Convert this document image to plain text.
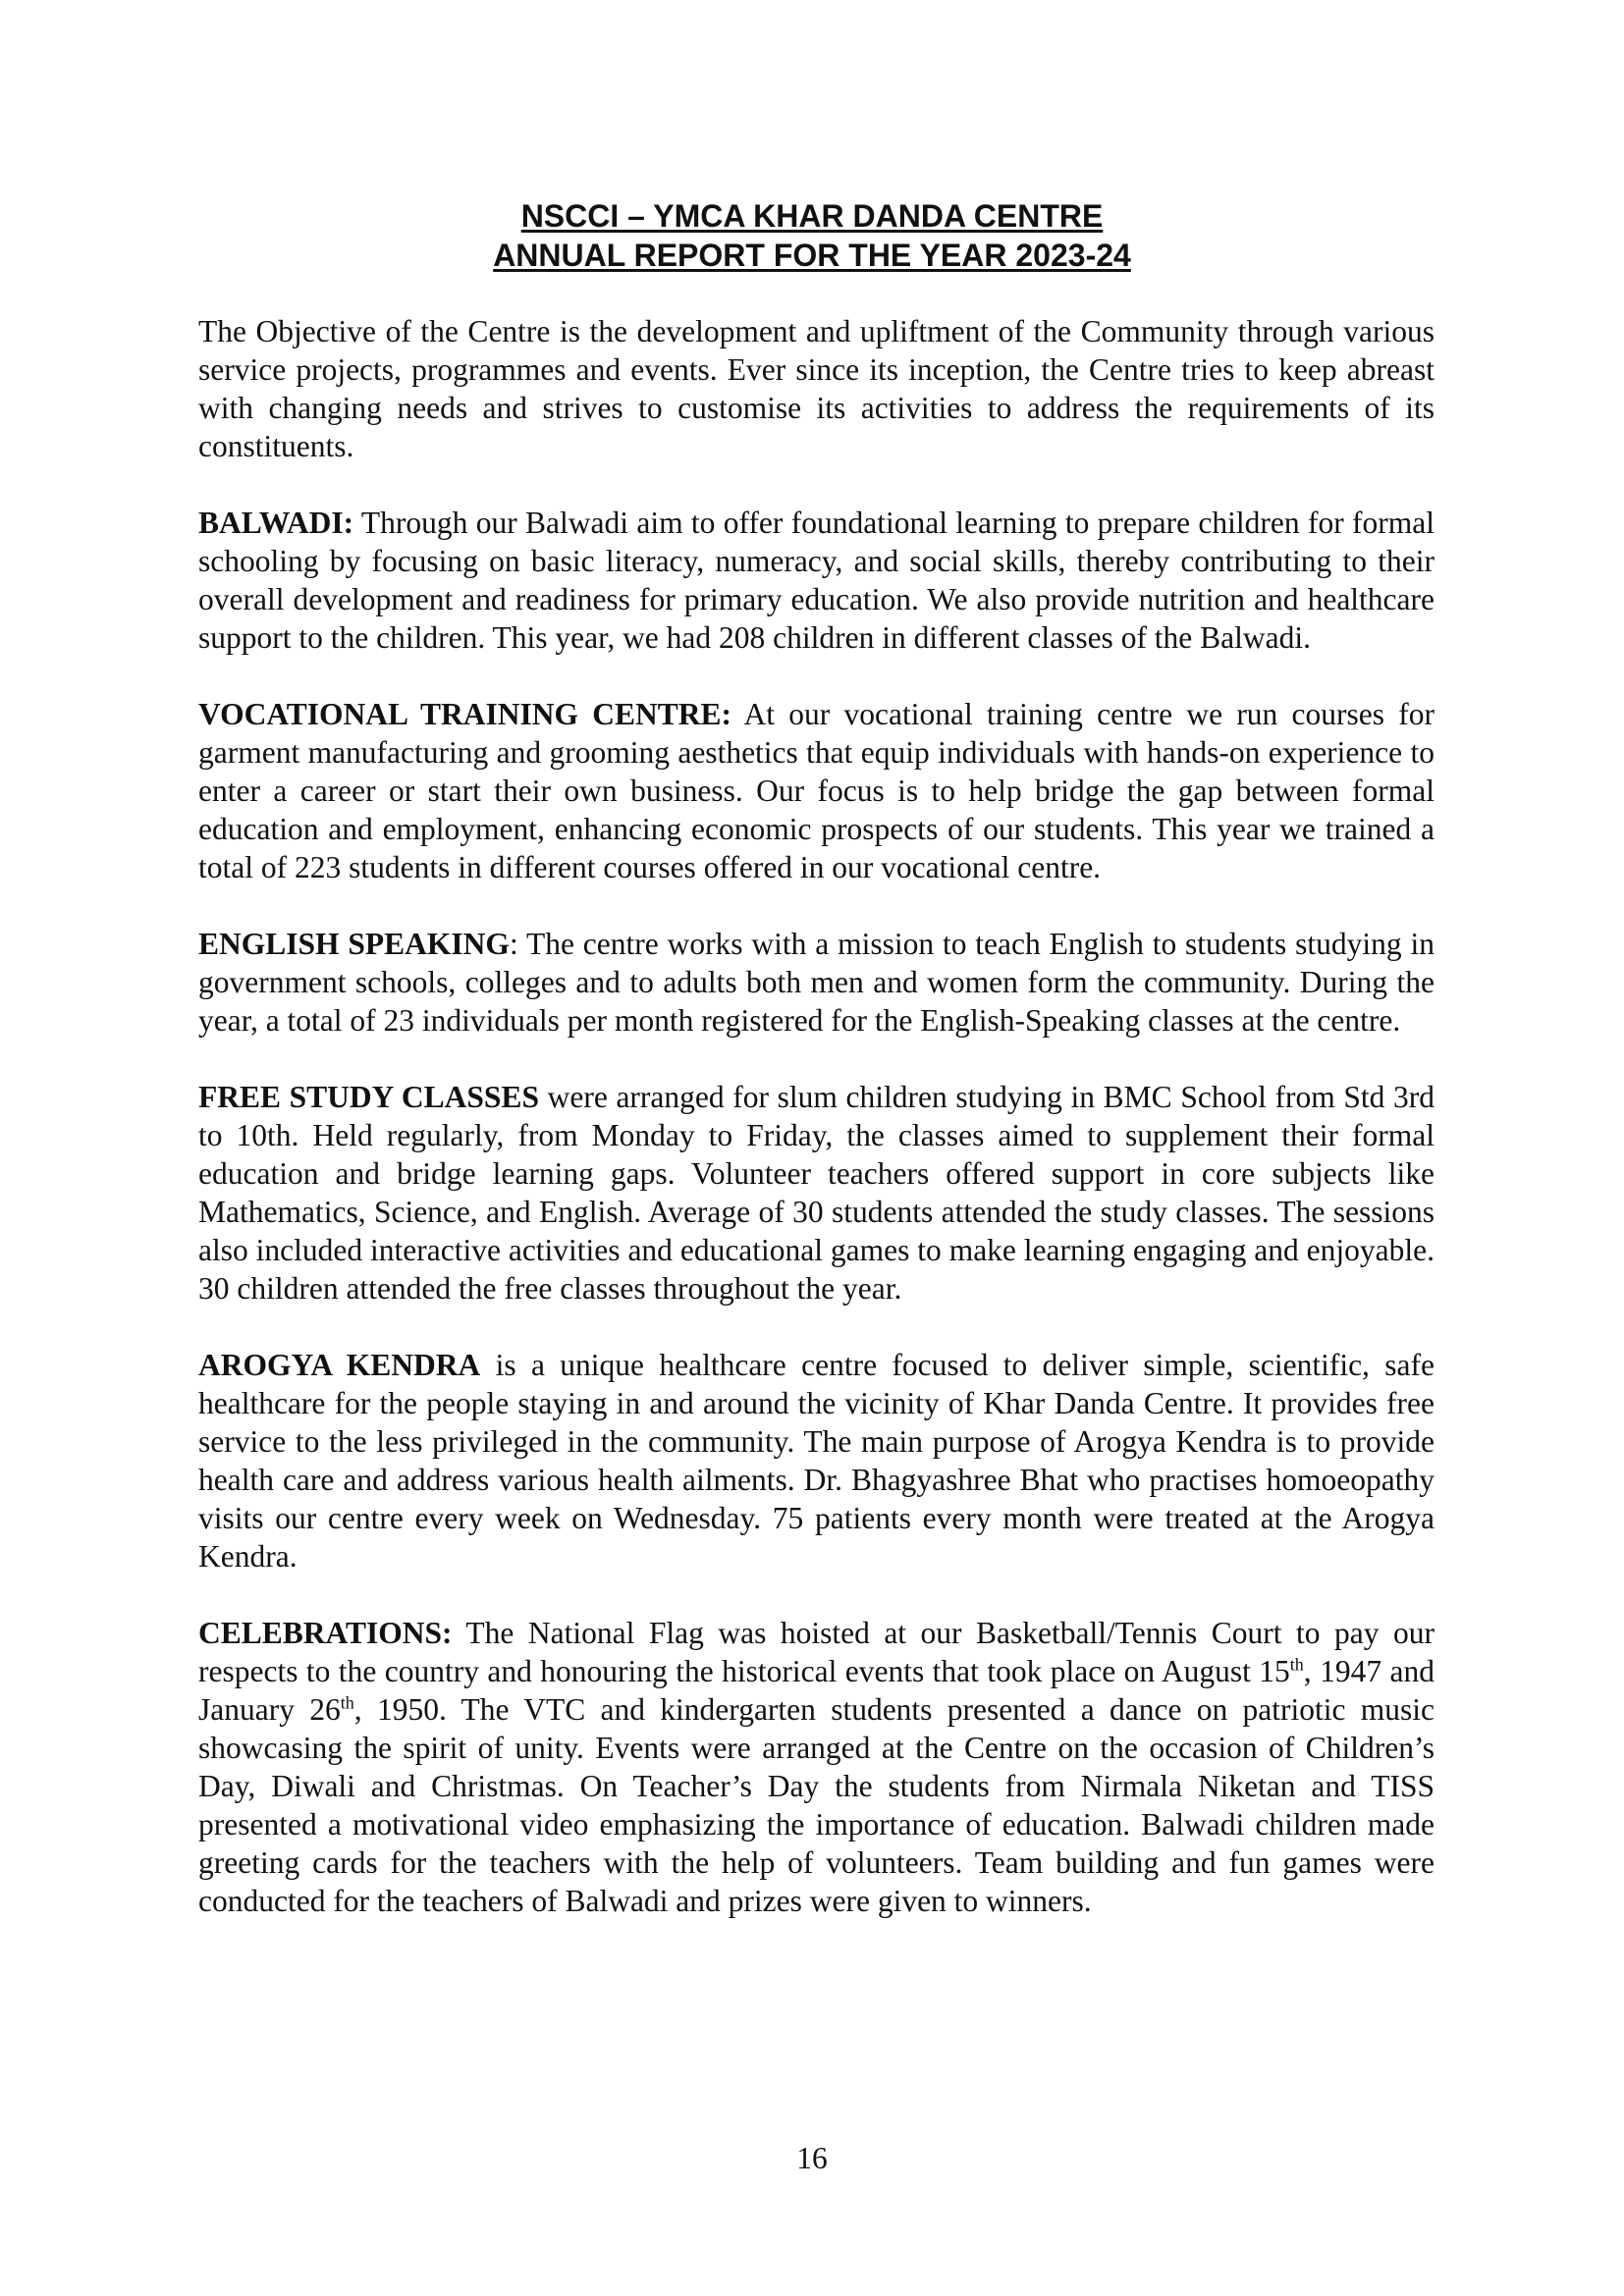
NSCCI – YMCA KHAR DANDA CENTRE
ANNUAL REPORT FOR THE YEAR 2023-24

The Objective of the Centre is the development and upliftment of the Community through various service projects, programmes and events. Ever since its inception, the Centre tries to keep abreast with changing needs and strives to customise its activities to address the requirements of its constituents.

BALWADI: Through our Balwadi aim to offer foundational learning to prepare children for formal schooling by focusing on basic literacy, numeracy, and social skills, thereby contributing to their overall development and readiness for primary education. We also provide nutrition and healthcare support to the children. This year, we had 208 children in different classes of the Balwadi.

VOCATIONAL TRAINING CENTRE: At our vocational training centre we run courses for garment manufacturing and grooming aesthetics that equip individuals with hands-on experience to enter a career or start their own business. Our focus is to help bridge the gap between formal education and employment, enhancing economic prospects of our students. This year we trained a total of 223 students in different courses offered in our vocational centre.

ENGLISH SPEAKING: The centre works with a mission to teach English to students studying in government schools, colleges and to adults both men and women form the community. During the year, a total of 23 individuals per month registered for the English-Speaking classes at the centre.

FREE STUDY CLASSES were arranged for slum children studying in BMC School from Std 3rd to 10th. Held regularly, from Monday to Friday, the classes aimed to supplement their formal education and bridge learning gaps. Volunteer teachers offered support in core subjects like Mathematics, Science, and English. Average of 30 students attended the study classes. The sessions also included interactive activities and educational games to make learning engaging and enjoyable. 30 children attended the free classes throughout the year.

AROGYA KENDRA is a unique healthcare centre focused to deliver simple, scientific, safe healthcare for the people staying in and around the vicinity of Khar Danda Centre. It provides free service to the less privileged in the community. The main purpose of Arogya Kendra is to provide health care and address various health ailments. Dr. Bhagyashree Bhat who practises homoeopathy visits our centre every week on Wednesday. 75 patients every month were treated at the Arogya Kendra.

CELEBRATIONS: The National Flag was hoisted at our Basketball/Tennis Court to pay our respects to the country and honouring the historical events that took place on August 15th, 1947 and January 26th, 1950. The VTC and kindergarten students presented a dance on patriotic music showcasing the spirit of unity. Events were arranged at the Centre on the occasion of Children’s Day, Diwali and Christmas. On Teacher’s Day the students from Nirmala Niketan and TISS presented a motivational video emphasizing the importance of education. Balwadi children made greeting cards for the teachers with the help of volunteers. Team building and fun games were conducted for the teachers of Balwadi and prizes were given to winners.

16
